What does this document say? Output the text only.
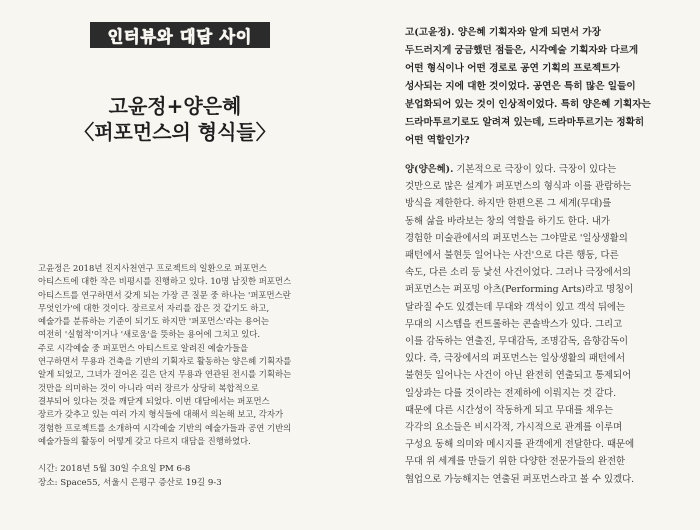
인터뷰와 대담 사이
고윤정+양은혜
〈퍼포먼스의 형식들〉
고윤정은 2018년 진지사천연구 프로젝트의 일환으로 퍼포먼스
아티스트에 대한 작은 비평시를 진행하고 있다. 10명 남짓한 퍼포먼스
아티스트를 연구하면서 갖게 되는 가장 큰 질문 중 하나는 '퍼포먼스란
무엇인가'에 대한 것이다. 장르로서 자리를 잡은 것 같기도 하고,
예술가를 분류하는 기준이 되기도 하지만 '퍼포먼스'라는 용어는
여전히 '실험적'이거나 '새로움'을 뜻하는 용어에 그치고 있다.
주로 시각예술 중 퍼포먼스 아티스트로 알려진 예술가들을
연구하면서 무용과 건축을 기반의 기획자로 활동하는 양은혜 기획자를
알게 되었고, 그녀가 걸어온 길은 단지 무용과 연관된 전시를 기획하는
것만을 의미하는 것이 아니라 여러 장르가 상당히 복합적으로
결부되어 있다는 것을 깨닫게 되었다. 이번 대담에서는 퍼포먼스
장르가 갖추고 있는 여러 가지 형식들에 대해서 의논해 보고, 각자가
경험한 프로젝트를 소개하여 시각예술 기반의 예술가들과 공연 기반의
예술가들의 활동이 어떻게 갖고 다르지 대담을 진행하였다.
시간: 2018년 5월 30일 수요일 PM 6-8
장소: Space55, 서울시 은평구 증산로 19길 9-3
고(고윤정). 양은혜 기획자와 알게 되면서 가장
두드러지게 궁금했던 점들은, 시각예술 기획자와 다르게
어떤 형식이나 어떤 경로로 공연 기획의 프로젝트가
성사되는 지에 대한 것이었다. 공연은 특히 많은 일들이
분업화되어 있는 것이 인상적이었다. 특히 양은혜 기획자는
드라마투르기로도 알려져 있는데, 드라마투르기는 정확히
어떤 역할인가?
양(양은혜). 기본적으로 극장이 있다. 극장이 있다는
것만으로 많은 설계가 퍼포먼스의 형식과 이를 관람하는
방식을 제한한다. 하지만 한편으론 그 세계(무대)를
동해 삶을 바라보는 창의 역할을 하기도 한다. 내가
경험한 미술관에서의 퍼포먼스는 그야말로 '일상생활의
패턴에서 불현듯 일어나는 사건'으로 다른 행동, 다른
속도, 다른 소리 등 낯선 사건이었다. 그러나 극장에서의
퍼포먼스는 퍼포밍 아츠(Performing Arts)라고 명칭이
달라질 수도 있겠는데 무대와 객석이 있고 객석 뒤에는
무대의 시스템을 컨트롤하는 콘솔박스가 있다. 그리고
이를 감독하는 연출진, 무대감독, 조명감독, 음향감독이
있다. 즉, 극장에서의 퍼포먼스는 일상생활의 패턴에서
불현듯 일어나는 사건이 아닌 완전히 연출되고 통제되어
일상과는 다를 것이라는 전제하에 이뤄지는 것 같다.
때문에 다른 시간성이 작동하게 되고 무대를 채우는
각각의 요소들은 비시각적, 가시적으로 관계를 이루며
구성요 동해 의미와 메시지를 관객에게 전달한다. 때문에
무대 위 세계를 만들기 위한 다양한 전문가들의 완전한
협업으로 가능해지는 연출된 퍼포먼스라고 볼 수 있겠다.
